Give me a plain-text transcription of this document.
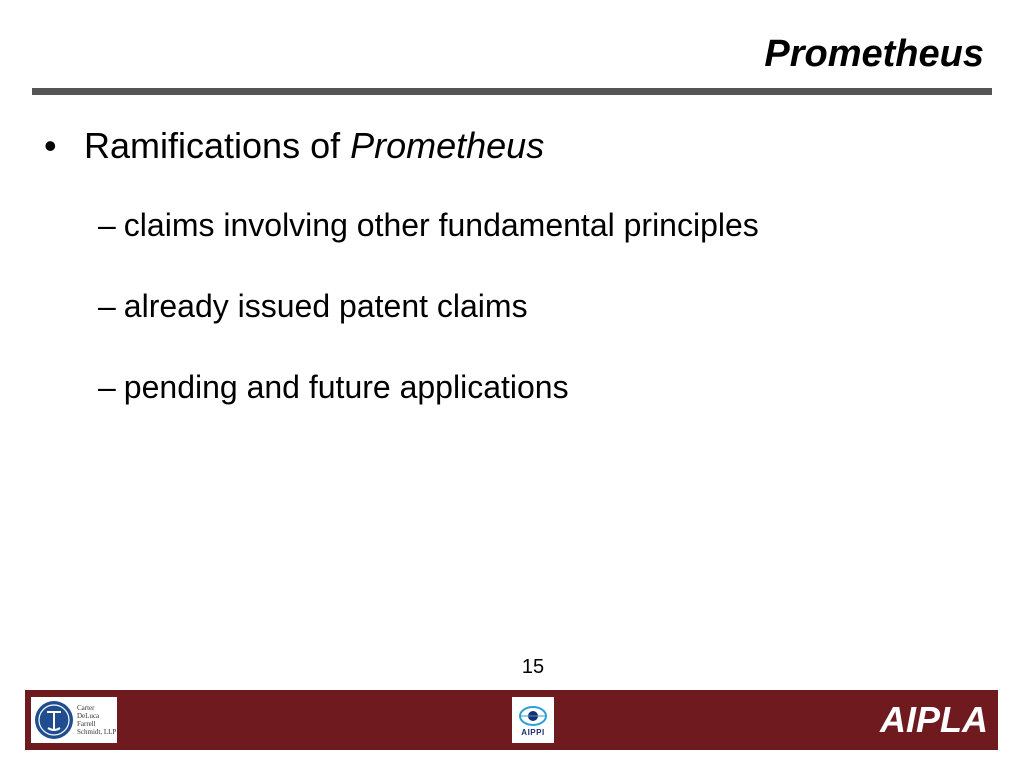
Prometheus
• Ramifications of Prometheus
– claims involving other fundamental principles
– already issued patent claims
– pending and future applications
15
Carter
DeLuca
Farrell
Schmidt, LLP	AIPPI	AIPLA
